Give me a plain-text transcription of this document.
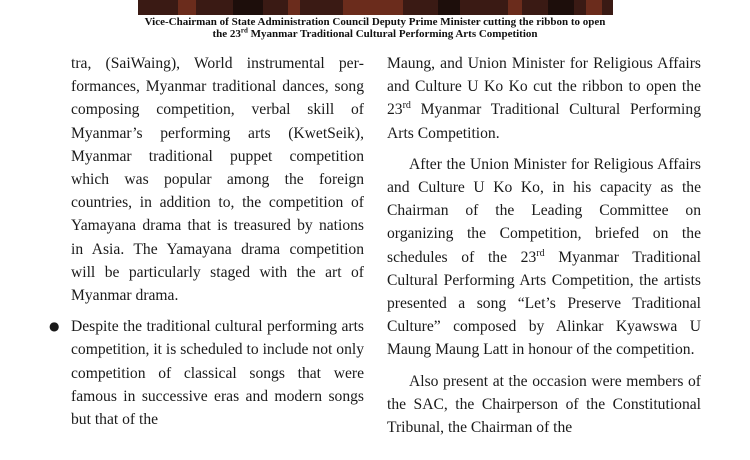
Vice-Chairman of State Administration Council Deputy Prime Minister cutting the ribbon to open
the 23rd Myanmar Traditional Cultural Performing Arts Competition

tra, (SaiWaing), World instrumental performances, Myanmar traditional dances, song composing competition, verbal skill of Myanmar’s performing arts (KwetSeik), Myanmar traditional puppet competition which was popular among the foreign countries, in addition to, the competition of Yamayana drama that is treasured by nations in Asia. The Yamayana drama competition will be particularly staged with the art of Myanmar drama.

● Despite the traditional cultural performing arts competition, it is scheduled to include not only competition of classical songs that were famous in successive eras and modern songs but that of the

Maung, and Union Minister for Religious Affairs and Culture U Ko Ko cut the ribbon to open the 23rd Myanmar Traditional Cultural Performing Arts Competition.

After the Union Minister for Religious Affairs and Culture U Ko Ko, in his capacity as the Chairman of the Leading Committee on organizing the Competition, briefed on the schedules of the 23rd Myanmar Traditional Cultural Performing Arts Competition, the artists presented a song “Let’s Preserve Traditional Culture” composed by Alinkar Kyawswa U Maung Maung Latt in honour of the competition.

Also present at the occasion were members of the SAC, the Chairperson of the Constitutional Tribunal, the Chairman of the
